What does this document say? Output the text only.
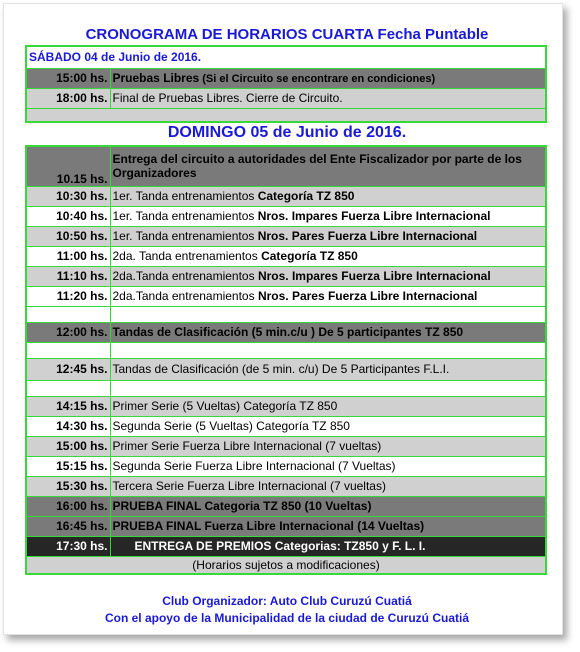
CRONOGRAMA DE HORARIOS CUARTA Fecha Puntable
SÁBADO 04 de Junio de 2016.	
15:00 hs.	Pruebas Libres (Si el Circuito se encontrare en condiciones)
18:00 hs.	Final de Pruebas Libres. Cierre de Circuito.

DOMINGO 05 de Junio de 2016.
10.15 hs.	Entrega del circuito a autoridades del Ente Fiscalizador por parte de los Organizadores
10:30 hs.	1er. Tanda entrenamientos Categoría TZ 850
10:40 hs.	1er. Tanda entrenamientos Nros. Impares Fuerza Libre Internacional
10:50 hs.	1er. Tanda entrenamientos Nros. Pares Fuerza Libre Internacional
11:00 hs.	2da. Tanda entrenamientos Categoría TZ 850
11:10 hs.	2da.Tanda entrenamientos Nros. Impares Fuerza Libre Internacional
11:20 hs.	2da.Tanda entrenamientos Nros. Pares Fuerza Libre Internacional

12:00 hs.	Tandas de Clasificación (5 min.c/u ) De 5 participantes TZ 850

12:45 hs.	Tandas de Clasificación (de 5 min. c/u) De 5 Participantes F.L.I.

14:15 hs.	Primer Serie (5 Vueltas) Categoría TZ 850
14:30 hs.	Segunda Serie (5 Vueltas) Categoría TZ 850
15:00 hs.	Primer Serie Fuerza Libre Internacional (7 vueltas)
15:15 hs.	Segunda Serie Fuerza Libre Internacional (7 Vueltas)
15:30 hs.	Tercera Serie Fuerza Libre Internacional (7 vueltas)
16:00 hs.	PRUEBA FINAL Categoria TZ 850 (10 Vueltas)
16:45 hs.	PRUEBA FINAL Fuerza Libre Internacional (14 Vueltas)
17:30 hs.	ENTREGA DE PREMIOS Categorias: TZ850 y F. L. I.
(Horarios sujetos a modificaciones)	

Club Organizador: Auto Club Curuzú Cuatiá

Con el apoyo de la Municipalidad de la ciudad de Curuzú Cuatiá
